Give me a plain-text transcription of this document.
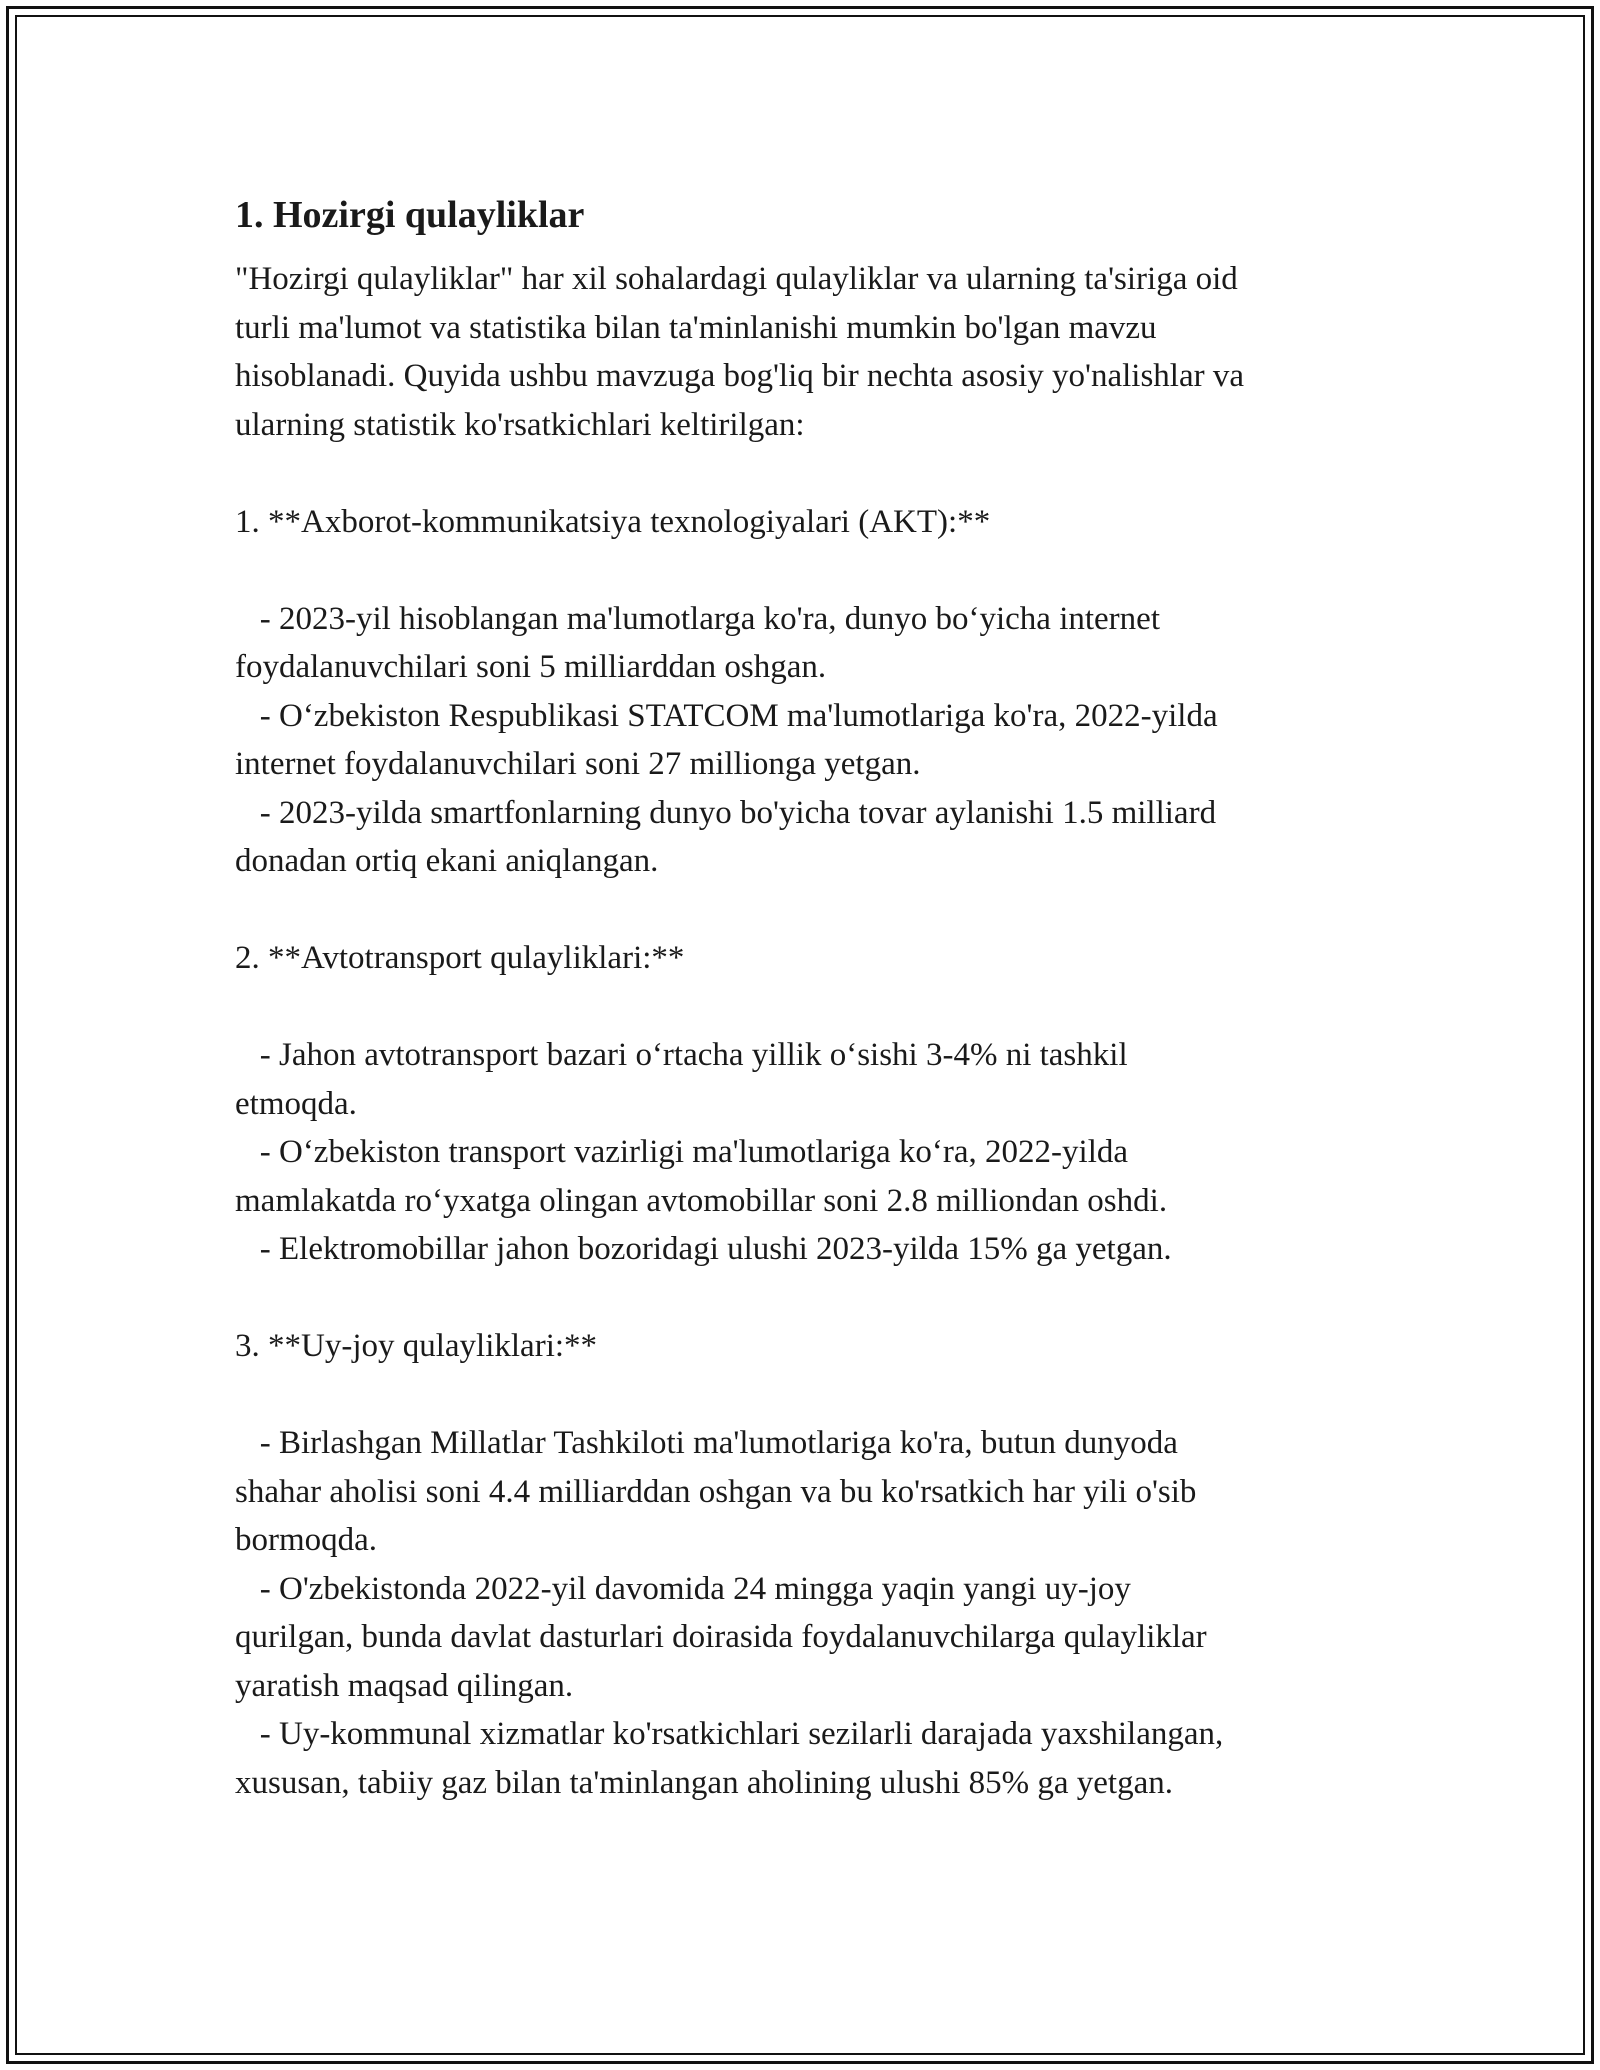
1. Hozirgi qulayliklar

"Hozirgi qulayliklar" har xil sohalardagi qulayliklar va ularning ta'siriga oid
turli ma'lumot va statistika bilan ta'minlanishi mumkin bo'lgan mavzu
hisoblanadi. Quyida ushbu mavzuga bog'liq bir nechta asosiy yo'nalishlar va
ularning statistik ko'rsatkichlari keltirilgan:

1. **Axborot-kommunikatsiya texnologiyalari (AKT):**

- 2023-yil hisoblangan ma'lumotlarga ko'ra, dunyo bo‘yicha internet
foydalanuvchilari soni 5 milliarddan oshgan.
- O‘zbekiston Respublikasi STATCOM ma'lumotlariga ko'ra, 2022-yilda
internet foydalanuvchilari soni 27 millionga yetgan.
- 2023-yilda smartfonlarning dunyo bo'yicha tovar aylanishi 1.5 milliard
donadan ortiq ekani aniqlangan.

2. **Avtotransport qulayliklari:**

- Jahon avtotransport bazari o‘rtacha yillik o‘sishi 3-4% ni tashkil
etmoqda.
- O‘zbekiston transport vazirligi ma'lumotlariga ko‘ra, 2022-yilda
mamlakatda ro‘yxatga olingan avtomobillar soni 2.8 milliondan oshdi.
- Elektromobillar jahon bozoridagi ulushi 2023-yilda 15% ga yetgan.

3. **Uy-joy qulayliklari:**

- Birlashgan Millatlar Tashkiloti ma'lumotlariga ko'ra, butun dunyoda
shahar aholisi soni 4.4 milliarddan oshgan va bu ko'rsatkich har yili o'sib
bormoqda.
- O'zbekistonda 2022-yil davomida 24 mingga yaqin yangi uy-joy
qurilgan, bunda davlat dasturlari doirasida foydalanuvchilarga qulayliklar
yaratish maqsad qilingan.
- Uy-kommunal xizmatlar ko'rsatkichlari sezilarli darajada yaxshilangan,
xususan, tabiiy gaz bilan ta'minlangan aholining ulushi 85% ga yetgan.
